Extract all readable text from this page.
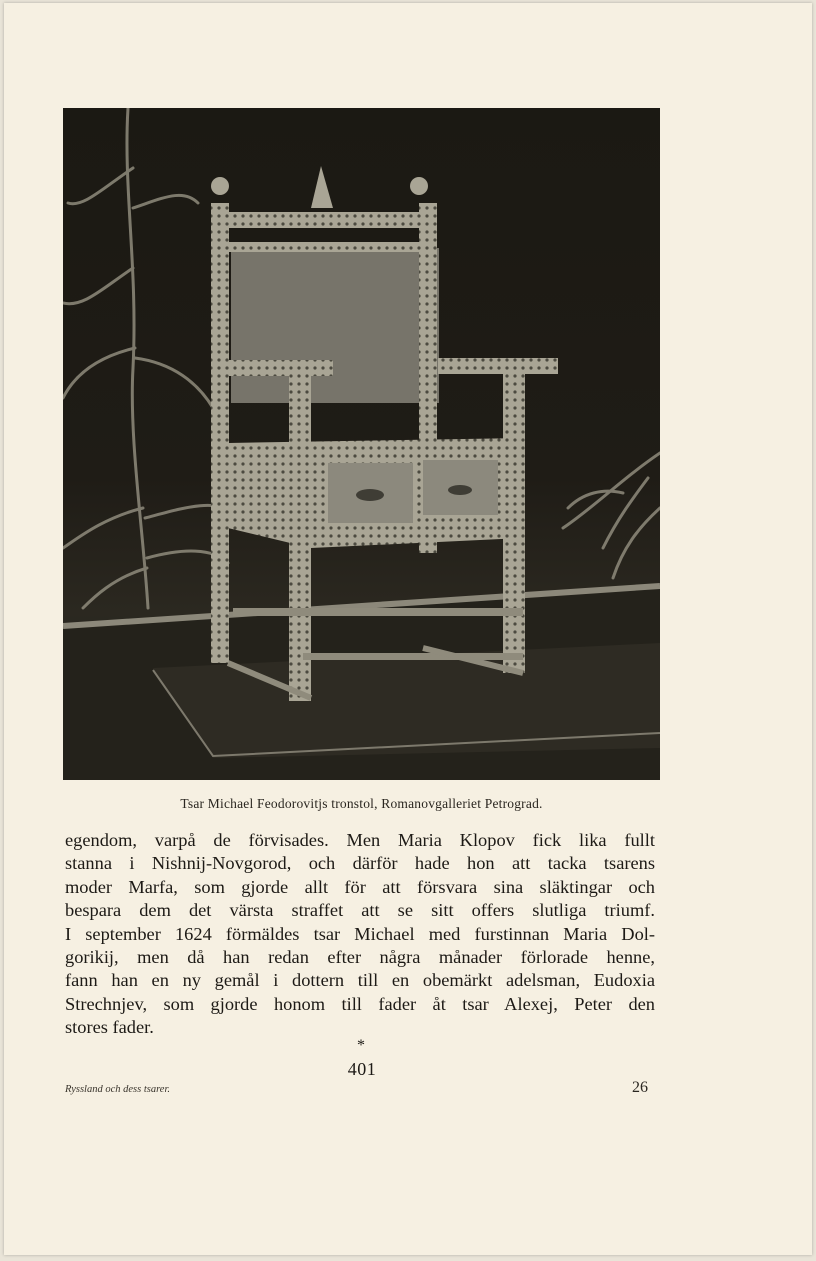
Tsar Michael Feodorovitjs tronstol, Romanovgalleriet Petrograd.
egendom, varpå de förvisades. Men Maria Klopov fick lika fullt
stanna i Nishnij-Novgorod, och därför hade hon att tacka tsarens
moder Marfa, som gjorde allt för att försvara sina släktingar och
bespara dem det värsta straffet att se sitt offers slutliga triumf.
I september 1624 förmäldes tsar Michael med furstinnan Maria Dol-
gorikij, men då han redan efter några månader förlorade henne,
fann han en ny gemål i dottern till en obemärkt adelsman, Eudoxia
Strechnjev, som gjorde honom till fader åt tsar Alexej, Peter den
stores fader.
*
401
Ryssland och dess tsarer.	26
